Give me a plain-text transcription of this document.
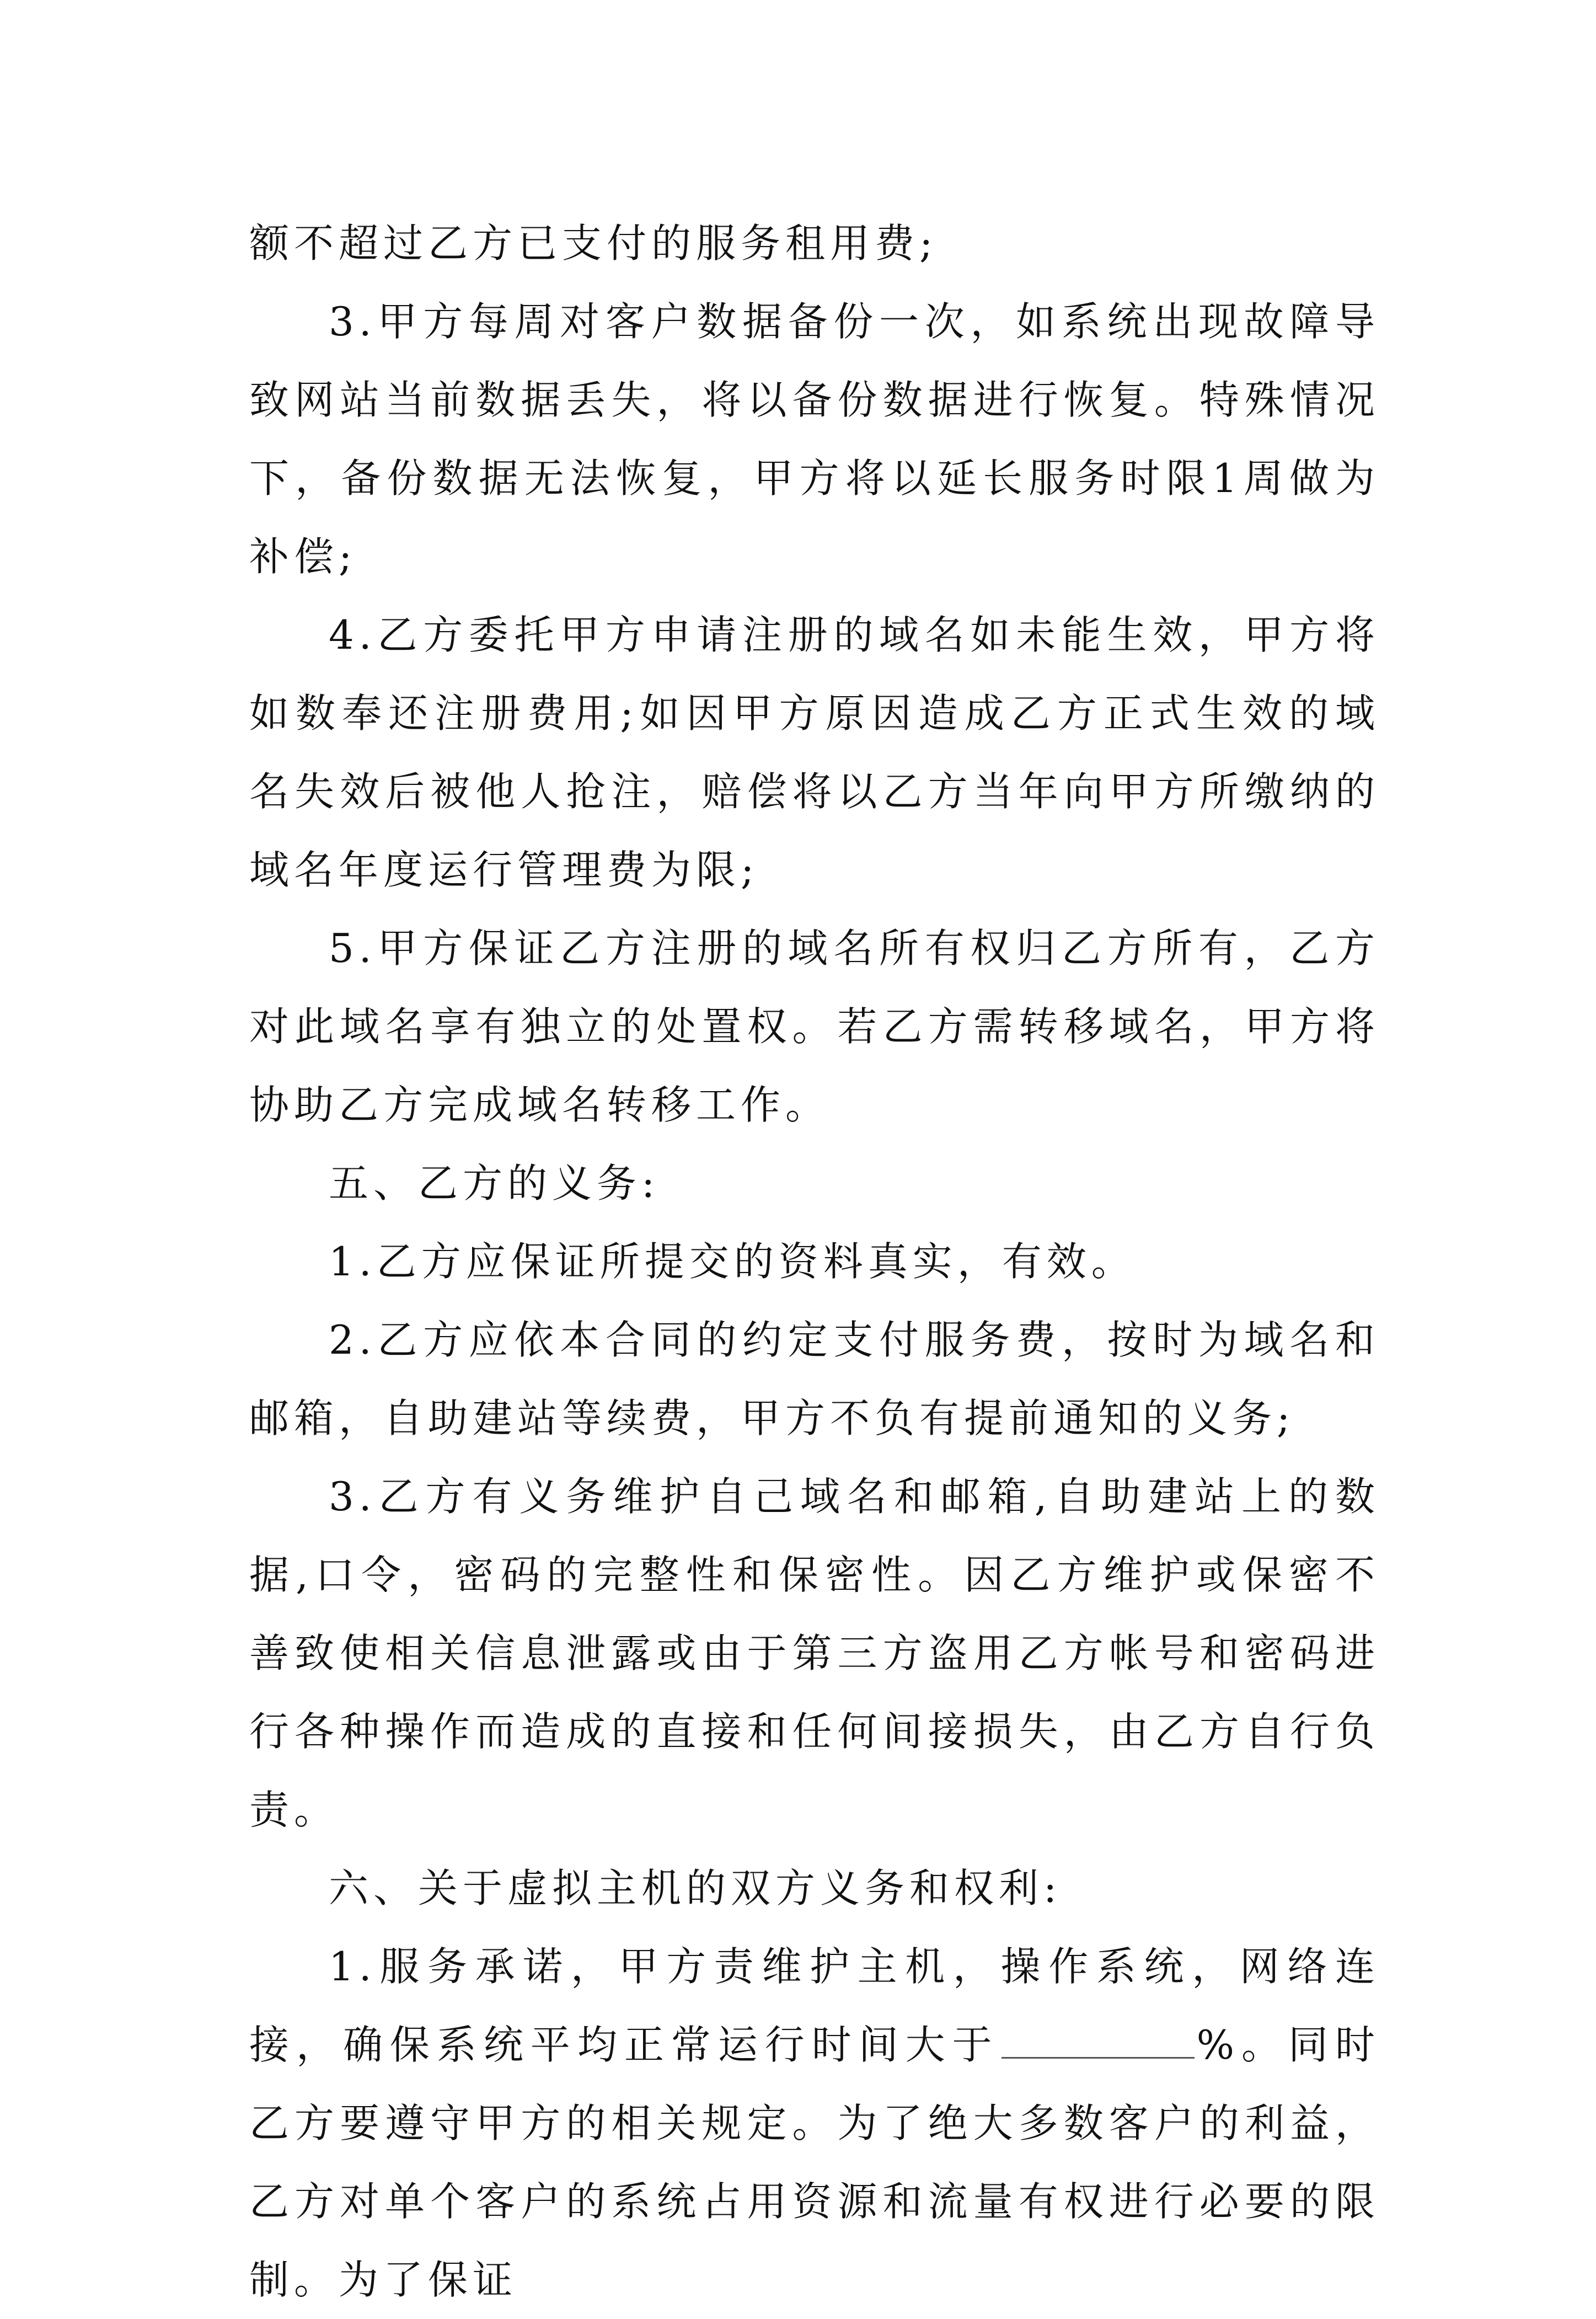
额不超过乙方已支付的服务租用费;

3.甲方每周对客户数据备份一次，如系统出现故障导致网站当前数据丢失，将以备份数据进行恢复。特殊情况下，备份数据无法恢复，甲方将以延长服务时限1周做为补偿;

4.乙方委托甲方申请注册的域名如未能生效，甲方将如数奉还注册费用;如因甲方原因造成乙方正式生效的域名失效后被他人抢注，赔偿将以乙方当年向甲方所缴纳的域名年度运行管理费为限;

5.甲方保证乙方注册的域名所有权归乙方所有，乙方对此域名享有独立的处置权。若乙方需转移域名，甲方将协助乙方完成域名转移工作。

五、乙方的义务:

1.乙方应保证所提交的资料真实，有效。

2.乙方应依本合同的约定支付服务费，按时为域名和邮箱，自助建站等续费，甲方不负有提前通知的义务;

3.乙方有义务维护自己域名和邮箱,自助建站上的数据,口令，密码的完整性和保密性。因乙方维护或保密不善致使相关信息泄露或由于第三方盗用乙方帐号和密码进行各种操作而造成的直接和任何间接损失，由乙方自行负责。

六、关于虚拟主机的双方义务和权利:

1.服务承诺，甲方责维护主机，操作系统，网络连接，确保系统平均正常运行时间大于	%。同时乙方要遵守甲方的相关规定。为了绝大多数客户的利益，乙方对单个客户的系统占用资源和流量有权进行必要的限制。为了保证
